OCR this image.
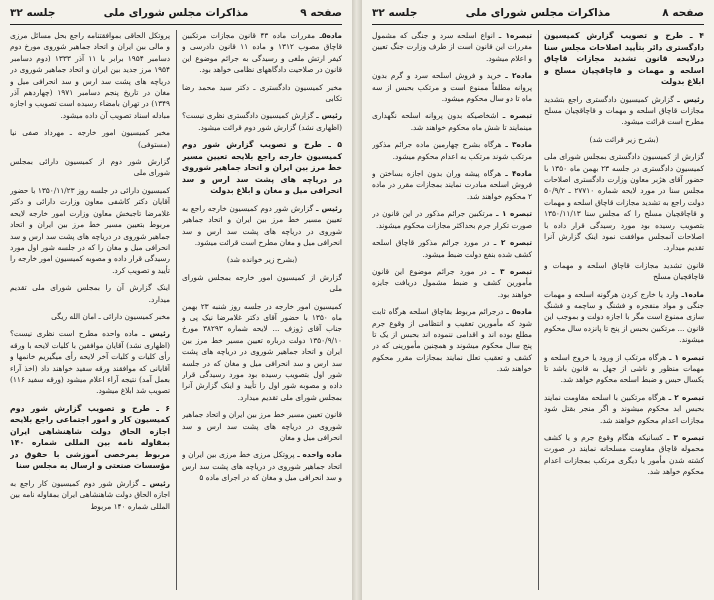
صفحه ۹
مذاکرات مجلس شورای ملی
جلسه ۳۲
ماده۵ـ مقررات ماده ۴۳ قانون مجازات مرتکبین قاچاق مصوب ۱۳۱۲ و ماده ۱۱ قانون دادرسی و کیفر ارتش ملغی و رسیدگی به جرائم موضوع این قانون در صلاحیت دادگاههای نظامی خواهد بود.
مخبر کمیسیون دادگستری ـ دکتر سید محمد رضا تکابی
رئیس ـ گزارش کمیسیون دادگستری نظری نیست؟ (اظهاری نشد) گزارش شور دوم قرائت میشود.
۵ ـ طرح و تصویب گزارش شور دوم کمیسیون خارجه راجع بلایحه تعیین مسیر خط مرز بین ایران و اتحاد جماهیر شوروی در دریاچه های پشت سد ارس و سد انحرافی میل و مغان و ابلاغ بدولت
رئیس ـ گزارش شور دوم کمیسیون خارجه راجع به تعیین مسیر خط مرز بین ایران و اتحاد جماهیر شوروی در دریاچه های پشت سد ارس و سد انحرافی میل و مغان مطرح است قرائت میشود.
(بشرح زیر خوانده شد)
گزارش از کمیسیون امور خارجه بمجلس شورای ملی
کمیسیون امور خارجه در جلسه روز شنبه ۲۳ بهمن ماه ۱۳۵۰ با حضور آقای دکتر غلامرضا نیک پی و جناب آقای ژوزف ... لایحه شماره ۳۸۲۹۳ مورخ ۱۳۵۰/۹/۱۰ دولت درباره تعیین مسیر خط مرز بین ایران و اتحاد جماهیر شوروی در دریاچه های پشت سد ارس و سد انحرافی میل و مغان که در جلسه شور اول بتصویب رسیده بود مورد رسیدگی قرار داده و مصوبه شور اول را تأیید و اینک گزارش آنرا بمجلس شورای ملی تقدیم میدارد.
قانون تعیین مسیر خط مرز بین ایران و اتحاد جماهیر شوروی در دریاچه های پشت سد ارس و سد انحرافی میل و مغان
ماده واحده ـ پروتکل مرزی خط مرزی بین ایران و اتحاد جماهیر شوروی در دریاچه های پشت سد ارس و سد انحرافی میل و مغان که در اجرای ماده ۵
پروتکل الحاقی بموافقتنامه راجع بحل مسائل مرزی و مالی بین ایران و اتحاد جماهیر شوروی مورخ دوم دسامبر ۱۹۵۴ برابر با ۱۱ آذر ۱۳۳۳ (دوم دسامبر ۱۹۵۴ مرز جدید بین ایران و اتحاد جماهیر شوروی در دریاچه های پشت سد ارس و سد انحرافی میل و مغان در تاریخ پنجم دسامبر ۱۹۷۱ (چهاردهم آذر ۱۳۴۹) در تهران بامضاء رسیده است تصویب و اجازه مبادله اسناد تصویب آن داده میشود.
مخبر کمیسیون امور خارجه ـ مهرداد صفی نیا (مستوفی)
گزارش شور دوم از کمیسیون دارائی بمجلس شورای ملی
کمیسیون دارائی در جلسه روز ۱۳۵۰/۱۱/۲۳ با حضور آقایان دکتر کاشفی معاون وزارت دارائی و دکتر غلامرضا تاجبخش معاون وزارت امور خارجه لایحه مربوط بتعیین مسیر خط مرز بین ایران و اتحاد جماهیر شوروی در دریاچه های پشت سد ارس و سد انحرافی میل و مغان را که در جلسه شور اول مورد رسیدگی قرار داده و مصوبه کمیسیون امور خارجه را تأیید و تصویب کرد.
اینک گزارش آن را بمجلس شورای ملی تقدیم میدارد.
مخبر کمیسیون دارائی ـ امان الله ریگی
رئیس ـ ماده واحده مطرح است نظری نیست؟ (اظهاری نشد) آقایان موافقین با کلیات لایحه با ورقه رأی کلیات و کلیات آخر لایحه رأی میگیریم خانمها و آقایانی که موافقند ورقه سفید خواهند داد (اخذ آراء بعمل آمد) نتیجه آراء اعلام میشود (ورقه سفید ۱۱۶) تصویب شد ابلاغ میشود.
۶ ـ طرح و تصویب گزارش شور دوم کمیسیون کار و امور اجتماعی راجع بلایحه اجازه الحاق دولت شاهنشاهی ایران بمقاوله نامه بین المللی شماره ۱۴۰ مربوط بمرخصی آموزشی با حقوق در مؤسسات صنعتی و ارسال به مجلس سنا
رئیس ـ گزارش شور دوم کمیسیون کار راجع به اجازه الحاق دولت شاهنشاهی ایران بمقاوله نامه بین المللی شماره ۱۴۰ مربوط
صفحه ۸
مذاکرات مجلس شورای ملی
جلسه ۳۲
۴ ـ طرح و تصویب گزارش کمیسیون دادگستری دائر بتأیید اصلاحات مجلس سنا درلایحه قانون تشدید مجازات قاچاق اسلحه و مهمات و قاچاقچیان مسلح و ابلاغ بدولت
رئیس ـ گزارش کمیسیون دادگستری راجع بتشدید مجازات قاچاق اسلحه و مهمات و قاچاقچیان مسلح مطرح است قرائت میشود.
(بشرح زیر قرائت شد)
گزارش از کمیسیون دادگستری بمجلس شورای ملی کمیسیون دادگستری در جلسه ۲۳ بهمن ماه ۱۳۵۰ با حضور آقای هژبر معاون وزارت دادگستری اصلاحات مجلس سنا در مورد لایحه شماره ۲۷۷۱۰ ـ ۵۰/۹/۲ دولت راجع به تشدید مجازات قاچاق اسلحه و مهمات و قاچاقچیان مسلح را که مجلس سنا ۱۳۵۰/۱۱/۱۳ بتصویب رسیده بود مورد رسیدگی قرار داده با اصلاحات آنمجلس موافقت نمود اینک گزارش آنرا تقدیم میدارد.
قانون تشدید مجازات قاچاق اسلحه و مهمات و قاچاقچیان مسلح
ماده۱ـ وارد یا خارج کردن هرگونه اسلحه و مهمات جنگی و مواد منفجره و فشنگ و ساچمه و فشنگ سازی ممنوع است مگر با اجازه دولت و بموجب این قانون ... مرتکبین بحبس از پنج تا پانزده سال محکوم میشوند.
تبصره ۱ ـ هرگاه مرتکب از ورود یا خروج اسلحه و مهمات منظور و ناشی از جهل به قانون باشد تا یکسال حبس و ضبط اسلحه محکوم خواهد شد.
تبصره ۲ ـ هرگاه مرتکبین با اسلحه مقاومت نمایند بحبس ابد محکوم میشوند و اگر منجر بقتل شود مجازات اعدام محکوم خواهند شد.
تبصره ۳ ـ کسانیکه هنگام وقوع جرم و یا کشف محموله قاچاق مقاومت مسلحانه نمایند در صورت کشته شدن مأمور یا دیگری مرتکب بمجازات اعدام محکوم خواهد شد.
تبصره۱ ـ انواع اسلحه سرد و جنگی که مشمول مقررات این قانون است از طرف وزارت جنگ تعیین و اعلام میشود.
ماده۲ ـ خرید و فروش اسلحه سرد و گرم بدون پروانه مطلقاً ممنوع است و مرتکب بحبس از سه ماه تا دو سال محکوم میشود.
تبصره ـ اشخاصیکه بدون پروانه اسلحه نگهداری مینمایند تا شش ماه محکوم خواهند شد.
ماده۳ ـ هرگاه بشرح چهارمین ماده جرائم مذکور مرتکب شوند مرتکب به اعدام محکوم میشود.
ماده۴ ـ هرگاه پیشه وران بدون اجازه بساختن و فروش اسلحه مبادرت نمایند بمجازات مقرر در ماده ۲ محکوم خواهند شد.
تبصره ۱ ـ مرتکبین جرائم مذکور در این قانون در صورت تکرار جرم بحداکثر مجازات محکوم میشوند.
تبصره ۲ ـ در مورد جرائم مذکور قاچاق اسلحه کشف شده بنفع دولت ضبط میشود.
تبصره ۳ ـ در مورد جرائم موضوع این قانون مأمورین کشف و ضبط مشمول دریافت جایزه خواهند بود.
ماده۵ ـ درجرائم مربوط بقاچاق اسلحه هرگاه ثابت شود که مأمورین تعقیب و انتظامی از وقوع جرم مطلع بوده اند و اقدامی ننموده اند بحبس از یک تا پنج سال محکوم میشوند و همچنین مأمورینی که در کشف و تعقیب تعلل نمایند بمجازات مقرر محکوم خواهند شد.
